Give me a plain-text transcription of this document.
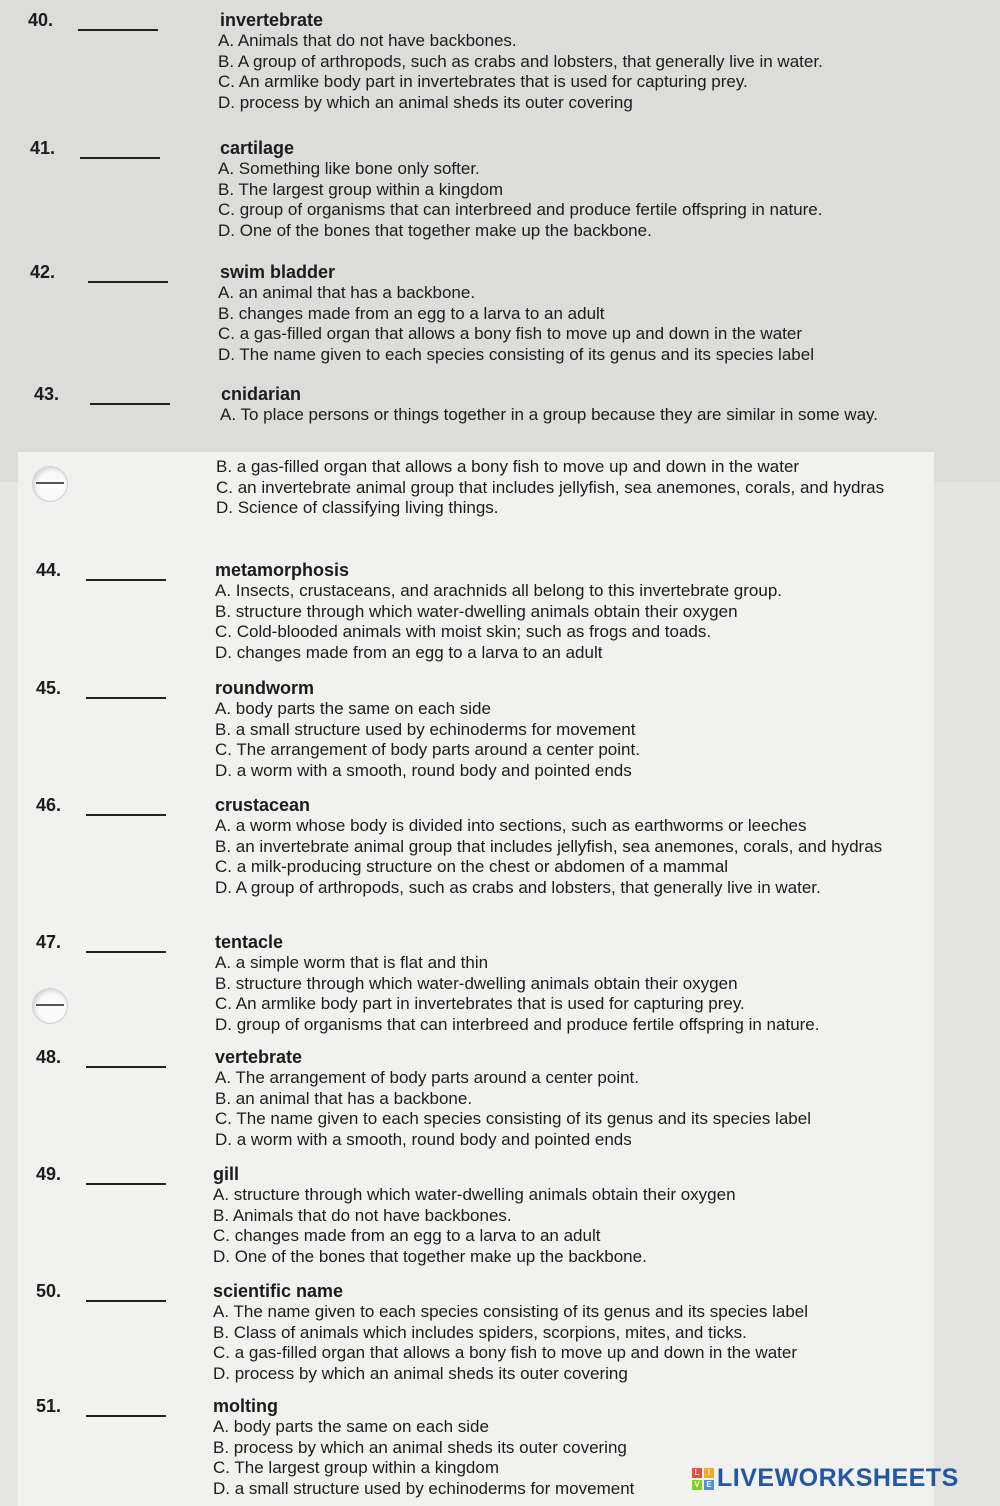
40.	invertebrate
A. Animals that do not have backbones.
B. A group of arthropods, such as crabs and lobsters, that generally live in water.
C. An armlike body part in invertebrates that is used for capturing prey.
D. process by which an animal sheds its outer covering
41.	cartilage
A. Something like bone only softer.
B. The largest group within a kingdom
C. group of organisms that can interbreed and produce fertile offspring in nature.
D. One of the bones that together make up the backbone.
42.	swim bladder
A. an animal that has a backbone.
B. changes made from an egg to a larva to an adult
C. a gas-filled organ that allows a bony fish to move up and down in the water
D. The name given to each species consisting of its genus and its species label
43.	cnidarian
A. To place persons or things together in a group because they are similar in some way.
B. a gas-filled organ that allows a bony fish to move up and down in the water
C. an invertebrate animal group that includes jellyfish, sea anemones, corals, and hydras
D. Science of classifying living things.
44.	metamorphosis
A. Insects, crustaceans, and arachnids all belong to this invertebrate group.
B. structure through which water-dwelling animals obtain their oxygen
C. Cold-blooded animals with moist skin; such as frogs and toads.
D. changes made from an egg to a larva to an adult
45.	roundworm
A. body parts the same on each side
B. a small structure used by echinoderms for movement
C. The arrangement of body parts around a center point.
D. a worm with a smooth, round body and pointed ends
46.	crustacean
A. a worm whose body is divided into sections, such as earthworms or leeches
B. an invertebrate animal group that includes jellyfish, sea anemones, corals, and hydras
C. a milk-producing structure on the chest or abdomen of a mammal
D. A group of arthropods, such as crabs and lobsters, that generally live in water.
47.	tentacle
A. a simple worm that is flat and thin
B. structure through which water-dwelling animals obtain their oxygen
C. An armlike body part in invertebrates that is used for capturing prey.
D. group of organisms that can interbreed and produce fertile offspring in nature.
48.	vertebrate
A. The arrangement of body parts around a center point.
B. an animal that has a backbone.
C. The name given to each species consisting of its genus and its species label
D. a worm with a smooth, round body and pointed ends
49.	gill
A. structure through which water-dwelling animals obtain their oxygen
B. Animals that do not have backbones.
C. changes made from an egg to a larva to an adult
D. One of the bones that together make up the backbone.
50.	scientific name
A. The name given to each species consisting of its genus and its species label
B. Class of animals which includes spiders, scorpions, mites, and ticks.
C. a gas-filled organ that allows a bony fish to move up and down in the water
D. process by which an animal sheds its outer covering
51.	molting
A. body parts the same on each side
B. process by which an animal sheds its outer covering
C. The largest group within a kingdom
D. a small structure used by echinoderms for movement
L	I
V E LIVEWORKSHEETS
